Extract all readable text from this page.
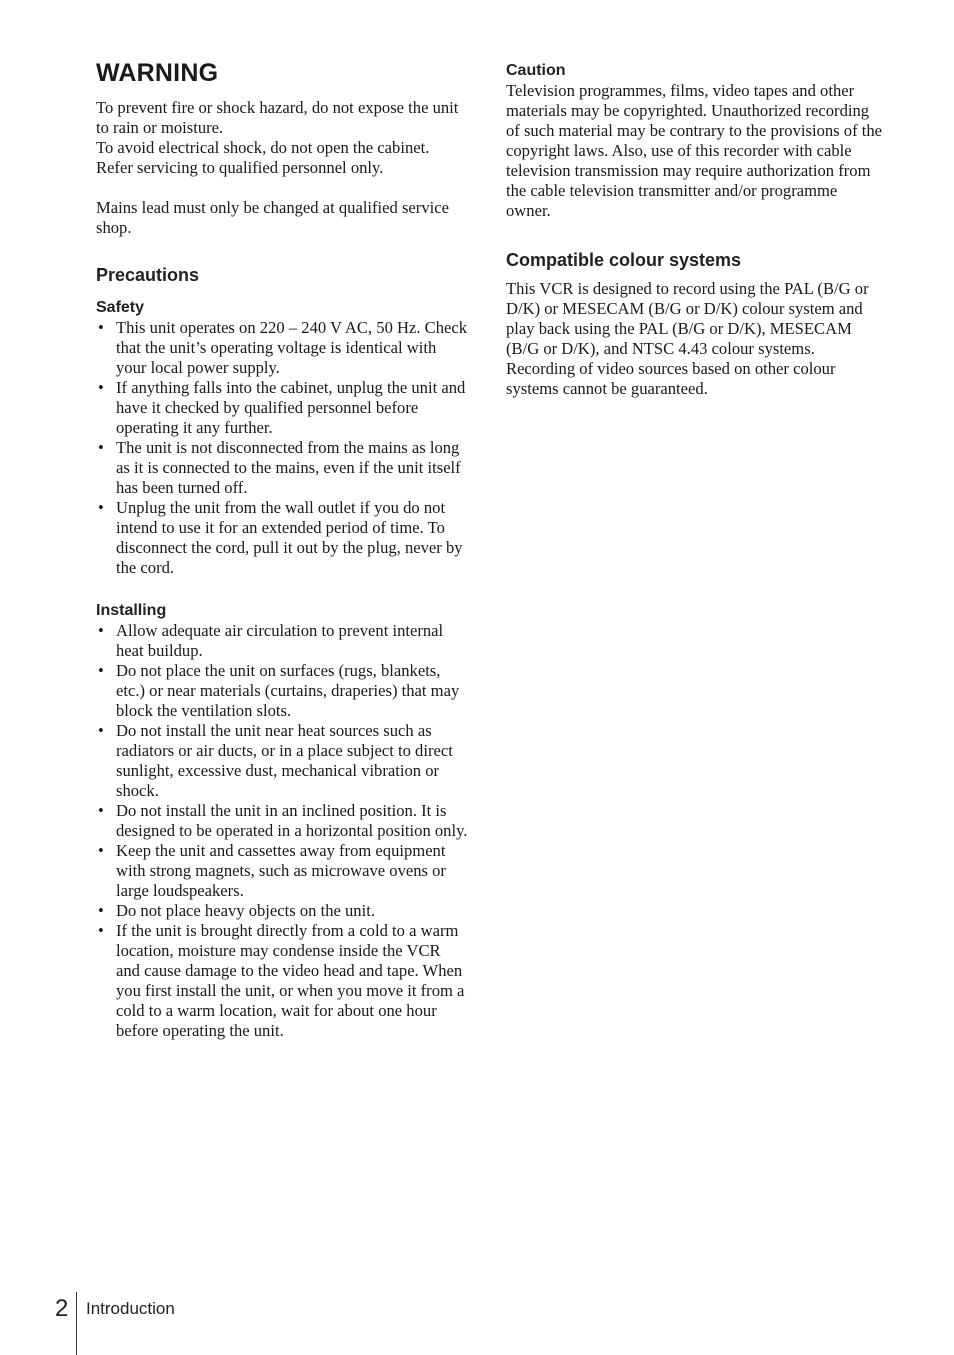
WARNING

To prevent fire or shock hazard, do not expose the unit to rain or moisture.

To avoid electrical shock, do not open the cabinet. Refer servicing to qualified personnel only.

Mains lead must only be changed at qualified service shop.

Precautions
Safety
• This unit operates on 220 – 240 V AC, 50 Hz. Check that the unit’s operating voltage is identical with your local power supply.
• If anything falls into the cabinet, unplug the unit and have it checked by qualified personnel before operating it any further.
• The unit is not disconnected from the mains as long as it is connected to the mains, even if the unit itself has been turned off.
• Unplug the unit from the wall outlet if you do not intend to use it for an extended period of time. To disconnect the cord, pull it out by the plug, never by the cord.
Installing
• Allow adequate air circulation to prevent internal heat buildup.
• Do not place the unit on surfaces (rugs, blankets, etc.) or near materials (curtains, draperies) that may block the ventilation slots.
• Do not install the unit near heat sources such as radiators or air ducts, or in a place subject to direct sunlight, excessive dust, mechanical vibration or shock.
• Do not install the unit in an inclined position. It is designed to be operated in a horizontal position only.
• Keep the unit and cassettes away from equipment with strong magnets, such as microwave ovens or large loudspeakers.
• Do not place heavy objects on the unit.
• If the unit is brought directly from a cold to a warm location, moisture may condense inside the VCR and cause damage to the video head and tape. When you first install the unit, or when you move it from a cold to a warm location, wait for about one hour before operating the unit.
Caution

Television programmes, films, video tapes and other materials may be copyrighted. Unauthorized recording of such material may be contrary to the provisions of the copyright laws. Also, use of this recorder with cable television transmission may require authorization from the cable television transmitter and/or programme owner.

Compatible colour systems

This VCR is designed to record using the PAL (B/G or D/K) or MESECAM (B/G or D/K) colour system and play back using the PAL (B/G or D/K), MESECAM (B/G or D/K), and NTSC 4.43 colour systems. Recording of video sources based on other colour systems cannot be guaranteed.

2 Introduction
